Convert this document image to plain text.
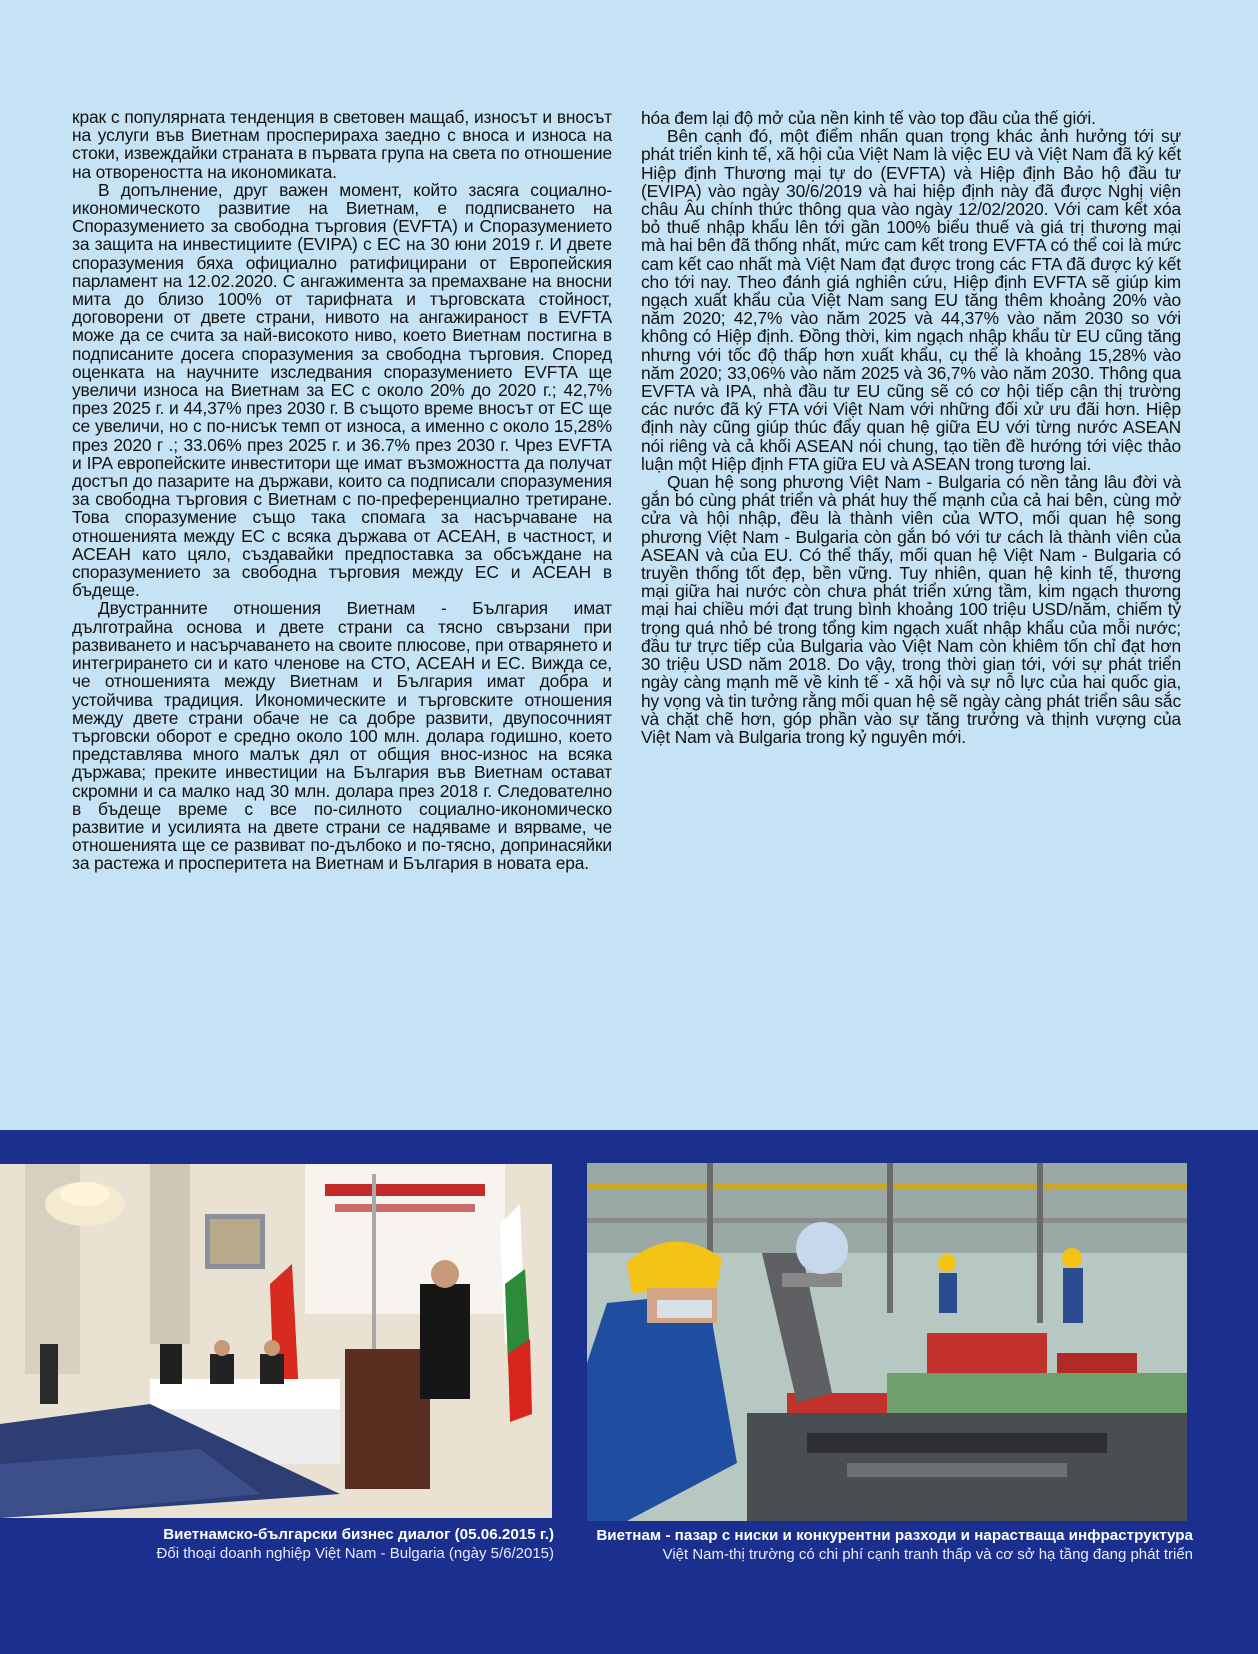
крак с популярната тенденция в световен мащаб, износът и вносът на услуги във Виетнам просперираха заедно с вноса и износа на стоки, извеждайки страната в първата група на света по отношение на отвореността на икономиката.

В допълнение, друг важен момент, който засяга социално-икономическото развитие на Виетнам, е подписването на Споразумението за свободна търговия (EVFTA) и Споразумението за защита на инвестициите (EVIPA) с ЕС на 30 юни 2019 г. И двете споразумения бяха официално ратифицирани от Европейския парламент на 12.02.2020. С ангажимента за премахване на вносни мита до близо 100% от тарифната и търговската стойност, договорени от двете страни, нивото на ангажираност в EVFTA може да се счита за най-високото ниво, което Виетнам постигна в подписаните досега споразумения за свободна търговия. Според оценката на научните изследвания споразумението EVFTA ще увеличи износа на Виетнам за ЕС с около 20% до 2020 г.; 42,7% през 2025 г. и 44,37% през 2030 г. В същото време вносът от ЕС ще се увеличи, но с по-нисък темп от износа, а именно с около 15,28% през 2020 г .; 33.06% през 2025 г. и 36.7% през 2030 г. Чрез EVFTA и IPA европейските инвеститори ще имат възможността да получат достъп до пазарите на държави, които са подписали споразумения за свободна търговия с Виетнам с по-преференциално третиране. Това споразумение също така спомага за насърчаване на отношенията между ЕС с всяка държава от АСЕАН, в частност, и АСЕАН като цяло, създавайки предпоставка за обсъждане на споразумението за свободна търговия между ЕС и АСЕАН в бъдеще.

Двустранните отношения Виетнам - България имат дълготрайна основа и двете страни са тясно свързани при развиването и насърчаването на своите плюсове, при отварянето и интегрирането си и като членове на СТО, АСЕАН и ЕС. Вижда се, че отношенията между Виетнам и България имат добра и устойчива традиция. Икономическите и търговските отношения между двете страни обаче не са добре развити, двупосочният търговски оборот е средно около 100 млн. долара годишно, което представлява много малък дял от общия внос-износ на всяка държава; преките инвестиции на България във Виетнам остават скромни и са малко над 30 млн. долара през 2018 г. Следователно в бъдеще време с все по-силното социално-икономическо развитие и усилията на двете страни се надяваме и вярваме, че отношенията ще се развиват по-дълбоко и по-тясно, допринасяйки за растежа и просперитета на Виетнам и България в новата ера.

hóa đem lại độ mở của nền kinh tế vào top đầu của thế giới.

Bên cạnh đó, một điểm nhấn quan trọng khác ảnh hưởng tới sự phát triển kinh tế, xã hội của Việt Nam là việc EU và Việt Nam đã ký kết Hiệp định Thương mại tự do (EVFTA) và Hiệp định Bảo hộ đầu tư (EVIPA) vào ngày 30/6/2019 và hai hiệp định này đã được Nghị viện châu Âu chính thức thông qua vào ngày 12/02/2020. Với cam kết xóa bỏ thuế nhập khẩu lên tới gần 100% biểu thuế và giá trị thương mại mà hai bên đã thống nhất, mức cam kết trong EVFTA có thể coi là mức cam kết cao nhất mà Việt Nam đạt được trong các FTA đã được ký kết cho tới nay. Theo đánh giá nghiên cứu, Hiệp định EVFTA sẽ giúp kim ngạch xuất khẩu của Việt Nam sang EU tăng thêm khoảng 20% vào năm 2020; 42,7% vào năm 2025 và 44,37% vào năm 2030 so với không có Hiệp định. Đồng thời, kim ngạch nhập khẩu từ EU cũng tăng nhưng với tốc độ thấp hơn xuất khẩu, cụ thể là khoảng 15,28% vào năm 2020; 33,06% vào năm 2025 và 36,7% vào năm 2030. Thông qua EVFTA và IPA, nhà đầu tư EU cũng sẽ có cơ hội tiếp cận thị trường các nước đã ký FTA với Việt Nam với những đối xử ưu đãi hơn. Hiệp định này cũng giúp thúc đẩy quan hệ giữa EU với từng nước ASEAN nói riêng và cả khối ASEAN nói chung, tạo tiền đề hướng tới việc thảo luận một Hiệp định FTA giữa EU và ASEAN trong tương lai.

Quan hệ song phương Việt Nam - Bulgaria có nền tảng lâu đời và gắn bó cùng phát triển và phát huy thế mạnh của cả hai bên, cùng mở cửa và hội nhập, đều là thành viên của WTO, mối quan hệ song phương Việt Nam - Bulgaria còn gắn bó với tư cách là thành viên của ASEAN và của EU. Có thể thấy, mối quan hệ Việt Nam - Bulgaria có truyền thống tốt đẹp, bền vững. Tuy nhiên, quan hệ kinh tế, thương mại giữa hai nước còn chưa phát triển xứng tầm, kim ngạch thương mại hai chiều mới đạt trung bình khoảng 100 triệu USD/năm, chiếm tỷ trọng quá nhỏ bé trong tổng kim ngạch xuất nhập khẩu của mỗi nước; đầu tư trực tiếp của Bulgaria vào Việt Nam còn khiêm tốn chỉ đạt hơn 30 triệu USD năm 2018. Do vậy, trong thời gian tới, với sự phát triển ngày càng mạnh mẽ về kinh tế - xã hội và sự nỗ lực của hai quốc gia, hy vọng và tin tưởng rằng mối quan hệ sẽ ngày càng phát triển sâu sắc và chặt chẽ hơn, góp phần vào sự tăng trưởng và thịnh vượng của Việt Nam và Bulgaria trong kỷ nguyên mới.

Виетнамско-български бизнес диалог (05.06.2015 г.)
Đối thoại doanh nghiệp Việt Nam - Bulgaria (ngày 5/6/2015)
Виетнам - пазар с ниски и конкурентни разходи и нарастваща инфраструктура
Việt Nam-thị trường có chi phí cạnh tranh thấp và cơ sở hạ tầng đang phát triển
